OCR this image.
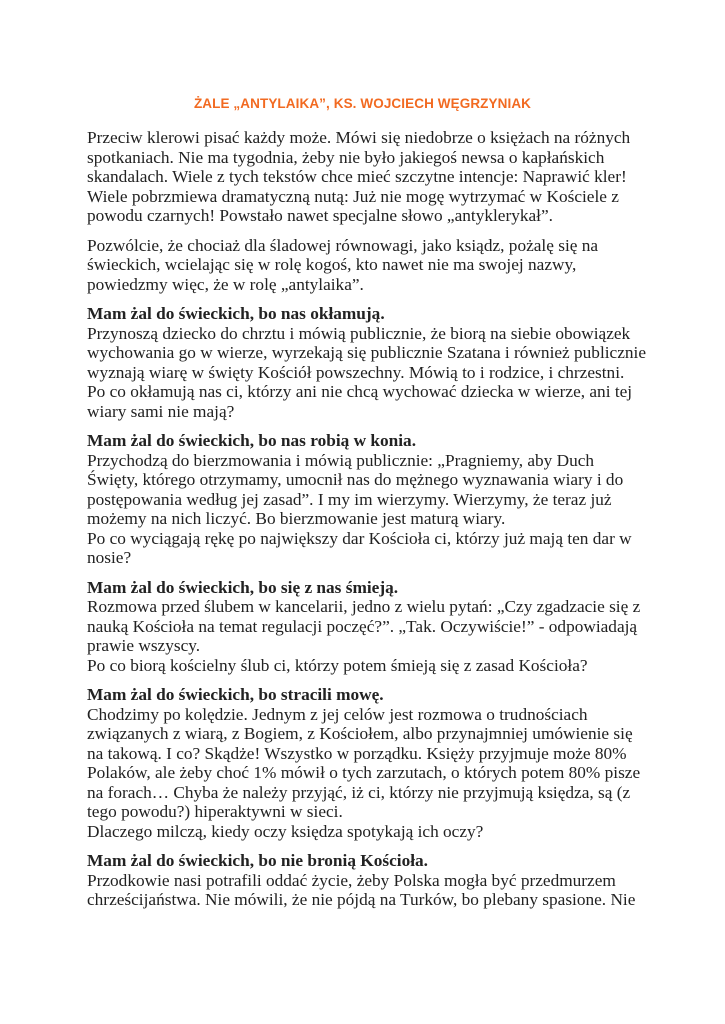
ŻALE „ANTYLAIKA”, KS. WOJCIECH WĘGRZYNIAK

Przeciw klerowi pisać każdy może. Mówi się niedobrze o księżach na różnych spotkaniach. Nie ma tygodnia, żeby nie było jakiegoś newsa o kapłańskich skandalach. Wiele z tych tekstów chce mieć szczytne intencje: Naprawić kler! Wiele pobrzmiewa dramatyczną nutą: Już nie mogę wytrzymać w Kościele z powodu czarnych! Powstało nawet specjalne słowo „antyklerykał”.

Pozwólcie, że chociaż dla śladowej równowagi, jako ksiądz, pożalę się na świeckich, wcielając się w rolę kogoś, kto nawet nie ma swojej nazwy, powiedzmy więc, że w rolę „antylaika”.

Mam żal do świeckich, bo nas okłamują.
Przynoszą dziecko do chrztu i mówią publicznie, że biorą na siebie obowiązek wychowania go w wierze, wyrzekają się publicznie Szatana i również publicznie wyznają wiarę w święty Kościół powszechny. Mówią to i rodzice, i chrzestni.
Po co okłamują nas ci, którzy ani nie chcą wychować dziecka w wierze, ani tej wiary sami nie mają?
Mam żal do świeckich, bo nas robią w konia.
Przychodzą do bierzmowania i mówią publicznie: „Pragniemy, aby Duch Święty, którego otrzymamy, umocnił nas do mężnego wyznawania wiary i do postępowania według jej zasad”. I my im wierzymy. Wierzymy, że teraz już możemy na nich liczyć. Bo bierzmowanie jest maturą wiary.
Po co wyciągają rękę po największy dar Kościoła ci, którzy już mają ten dar w nosie?
Mam żal do świeckich, bo się z nas śmieją.
Rozmowa przed ślubem w kancelarii, jedno z wielu pytań: „Czy zgadzacie się z nauką Kościoła na temat regulacji poczęć?”. „Tak. Oczywiście!” - odpowiadają prawie wszyscy.
Po co biorą kościelny ślub ci, którzy potem śmieją się z zasad Kościoła?
Mam żal do świeckich, bo stracili mowę.
Chodzimy po kolędzie. Jednym z jej celów jest rozmowa o trudnościach związanych z wiarą, z Bogiem, z Kościołem, albo przynajmniej umówienie się na takową. I co? Skądże! Wszystko w porządku. Księży przyjmuje może 80% Polaków, ale żeby choć 1% mówił o tych zarzutach, o których potem 80% pisze na forach… Chyba że należy przyjąć, iż ci, którzy nie przyjmują księdza, są (z tego powodu?) hiperaktywni w sieci.
Dlaczego milczą, kiedy oczy księdza spotykają ich oczy?
Mam żal do świeckich, bo nie bronią Kościoła.
Przodkowie nasi potrafili oddać życie, żeby Polska mogła być przedmurzem chrześcijaństwa. Nie mówili, że nie pójdą na Turków, bo plebany spasione. Nie
